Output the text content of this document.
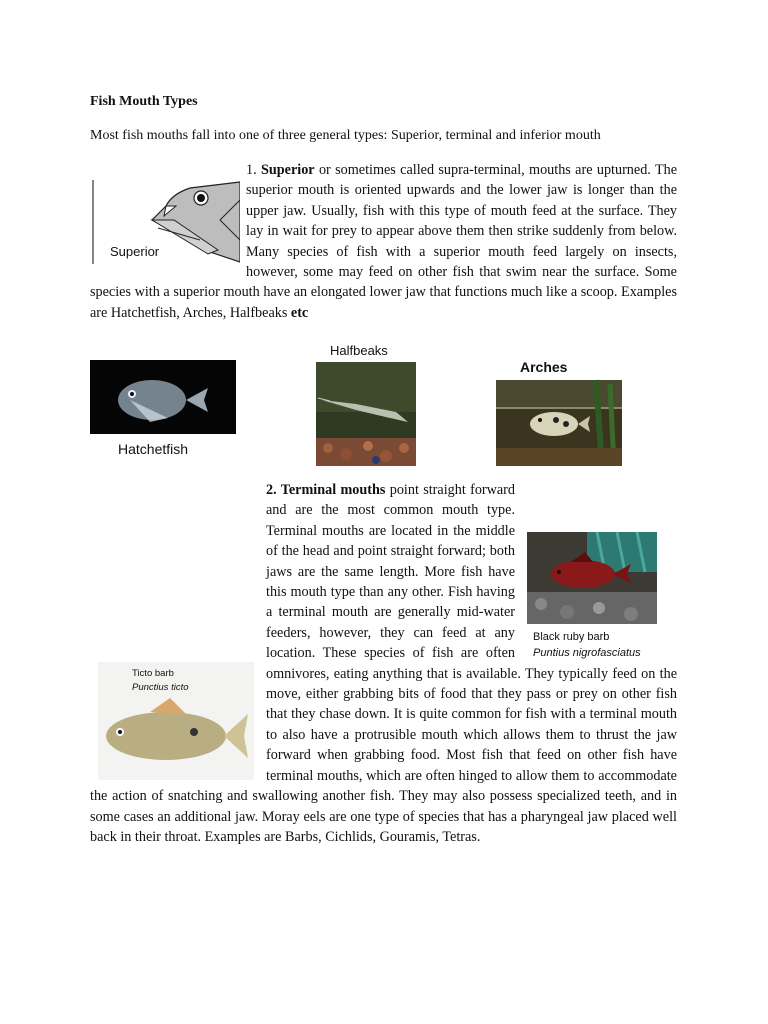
Fish Mouth Types

Most fish mouths fall into one of three general types: Superior, terminal and inferior mouth

Superior
1. Superior or sometimes called supra-terminal, mouths are upturned. The superior mouth is oriented upwards and the lower jaw is longer than the upper jaw. Usually, fish with this type of mouth feed at the surface. They lay in wait for prey to appear above them then strike suddenly from below. Many species of fish with a superior mouth feed largely on insects, however, some may feed on other fish that swim near the surface. Some species with a superior mouth have an elongated lower jaw that functions much like a scoop. Examples are Hatchetfish, Arches, Halfbeaks etc

Hatchetfish
Halfbeaks
Arches

Black ruby barb
Puntius nigrofasciatus
Ticto barb
Punctius ticto
2. Terminal mouths point straight forward and are the most common mouth type. Terminal mouths are located in the middle of the head and point straight forward; both jaws are the same length. More fish have this mouth type than any other. Fish having a terminal mouth are generally mid-water feeders, however, they can feed at any location. These species of fish are often omnivores, eating anything that is available. They typically feed on the move, either grabbing bits of food that they pass or prey on other fish that they chase down. It is quite common for fish with a terminal mouth to also have a protrusible mouth which allows them to thrust the jaw forward when grabbing food. Most fish that feed on other fish have terminal mouths, which are often hinged to allow them to accommodate the action of snatching and swallowing another fish. They may also possess specialized teeth, and in some cases an additional jaw. Moray eels are one type of species that has a pharyngeal jaw placed well back in their throat. Examples are Barbs, Cichlids, Gouramis, Tetras.
